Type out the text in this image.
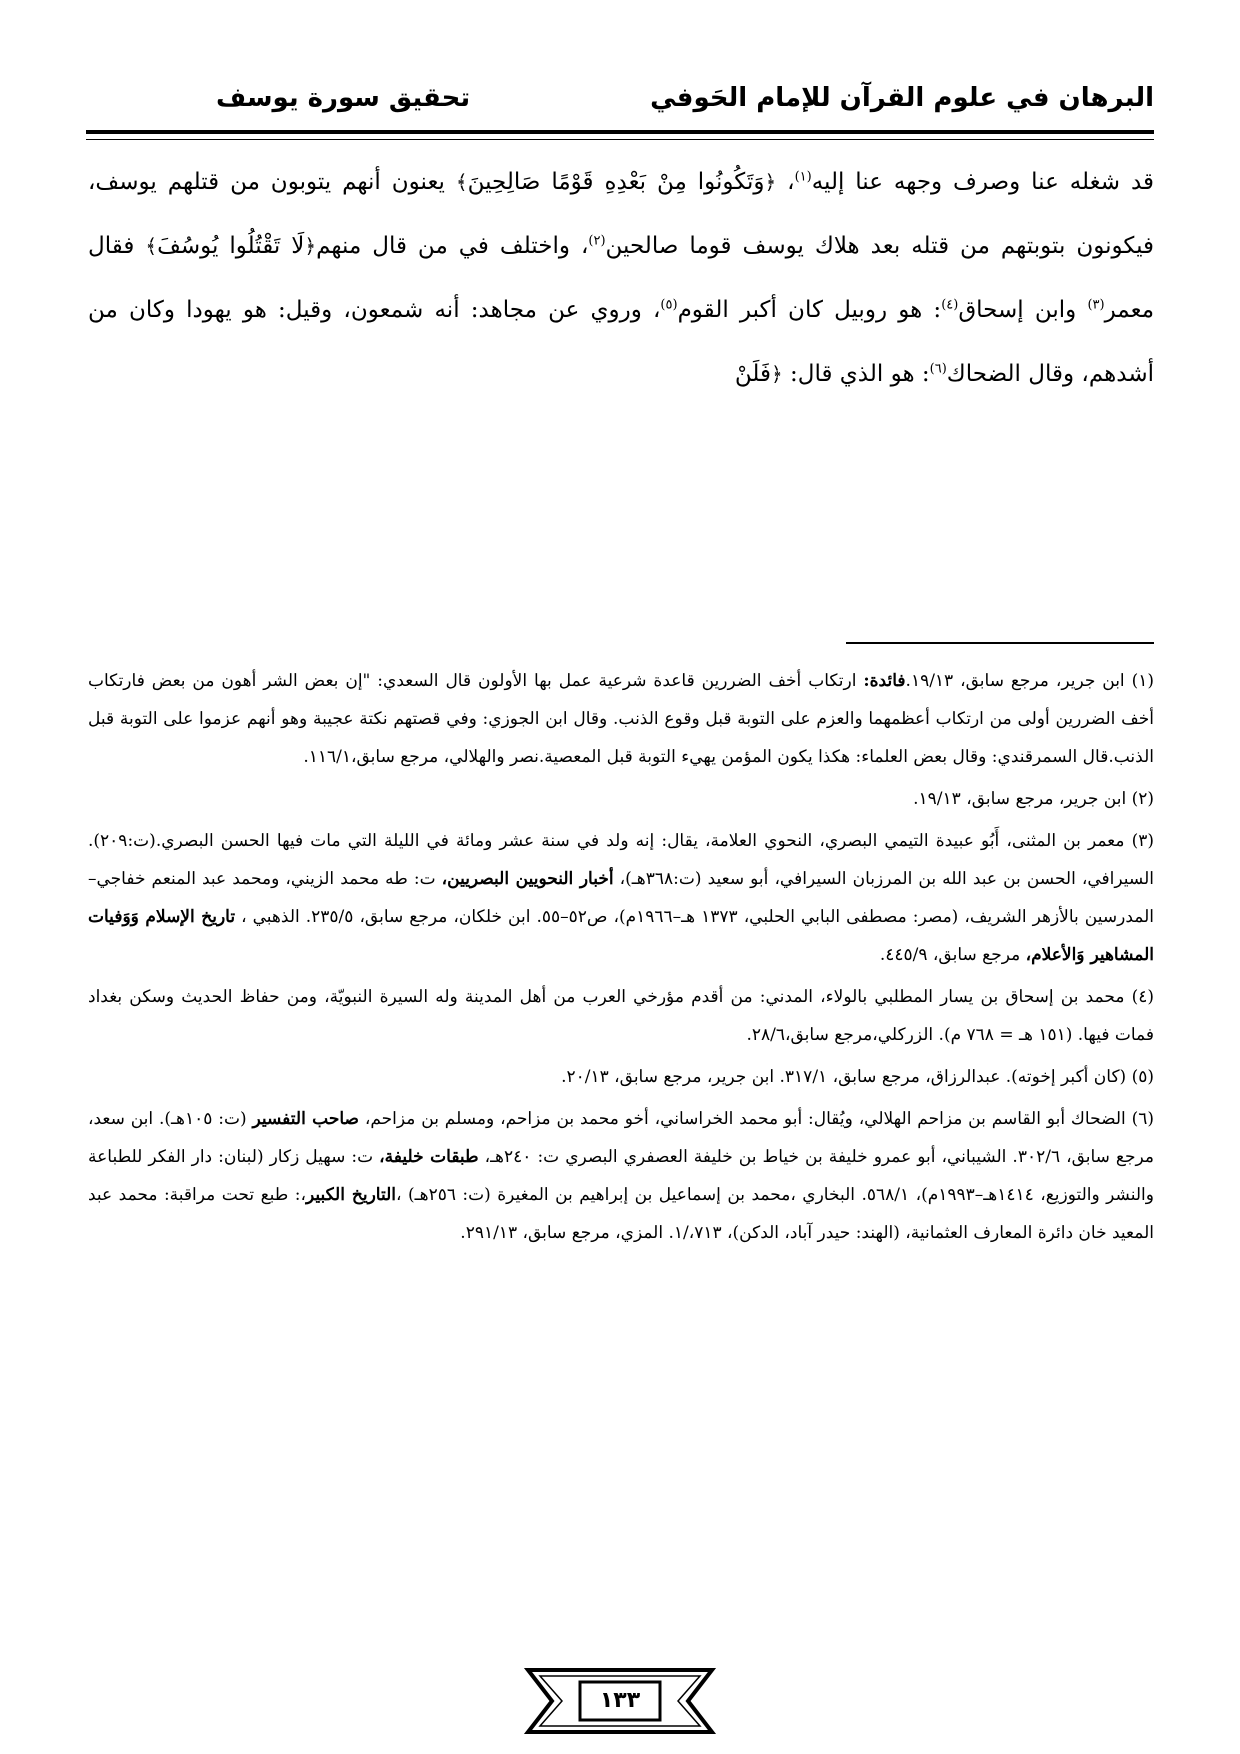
البرهان في علوم القرآن للإمام الحَوفي
تحقيق سورة يوسف

قد شغله عنا وصرف وجهه عنا إليه$^{(١)}$، ﴿وَتَكُونُوا مِنْ بَعْدِهِ قَوْمًا صَالِحِينَ﴾ يعنون أنهم يتوبون من قتلهم يوسف، فيكونون بتوبتهم من قتله بعد هلاك يوسف قوما صالحين$^{(٢)}$، واختلف في من قال منهم﴿لَا تَقْتُلُوا يُوسُفَ﴾ فقال معمر$^{(٣)}$ وابن إسحاق$^{(٤)}$: هو روبيل كان أكبر القوم$^{(٥)}$، وروي عن مجاهد: أنه شمعون، وقيل: هو يهودا وكان من أشدهم، وقال الضحاك$^{(٦)}$: هو الذي قال: ﴿فَلَنْ

(١) ابن جرير، مرجع سابق، ١٩/١٣.فائدة: ارتكاب أخف الضررين قاعدة شرعية عمل بها الأولون قال السعدي: "إن بعض الشر أهون من بعض فارتكاب أخف الضررين أولى من ارتكاب أعظمهما والعزم على التوبة قبل وقوع الذنب. وقال ابن الجوزي: وفي قصتهم نكتة عجيبة وهو أنهم عزموا على التوبة قبل الذنب.قال السمرقندي: وقال بعض العلماء: هكذا يكون المؤمن يهيء التوبة قبل المعصية.نصر والهلالي، مرجع سابق،١١٦/١.

(٢) ابن جرير، مرجع سابق، ١٩/١٣.

(٣) معمر بن المثنى، أَبُو عبيدة التيمي البصري، النحوي العلامة، يقال: إنه ولد في سنة عشر ومائة في الليلة التي مات فيها الحسن البصري.(ت:٢٠٩). السيرافي، الحسن بن عبد الله بن المرزبان السيرافي، أبو سعيد (ت:٣٦٨هـ)، أخبار النحويين البصريين، ت: طه محمد الزيني، ومحمد عبد المنعم خفاجي–المدرسين بالأزهر الشريف، (مصر: مصطفى البابي الحلبي، ١٣٧٣ هـ–١٩٦٦م)، ص٥٢–٥٥. ابن خلكان، مرجع سابق، ٢٣٥/٥. الذهبي ، تاريخ الإسلام وَوَفيات المشاهير وَالأعلام، مرجع سابق، ٤٤٥/٩.

(٤) محمد بن إسحاق بن يسار المطلبي بالولاء، المدني: من أقدم مؤرخي العرب من أهل المدينة وله السيرة النبويّة، ومن حفاظ الحديث وسكن بغداد فمات فيها. (١٥١ هـ = ٧٦٨ م). الزركلي،مرجع سابق،٢٨/٦.

(٥) (كان أكبر إخوته). عبدالرزاق، مرجع سابق، ٣١٧/١. ابن جرير، مرجع سابق، ٢٠/١٣.

(٦) الضحاك أبو القاسم بن مزاحم الهلالي، ويُقال: أبو محمد الخراساني، أخو محمد بن مزاحم، ومسلم بن مزاحم، صاحب التفسير (ت: ١٠٥هـ). ابن سعد، مرجع سابق، ٣٠٢/٦. الشيباني، أبو عمرو خليفة بن خياط بن خليفة العصفري البصري ت: ٢٤٠هـ، طبقات خليفة، ت: سهيل زكار (لبنان: دار الفكر للطباعة والنشر والتوزيع، ١٤١٤هـ–١٩٩٣م)، ٥٦٨/١. البخاري ،محمد بن إسماعيل بن إبراهيم بن المغيرة (ت: ٢٥٦هـ) ،التاريخ الكبير،: طبع تحت مراقبة: محمد عبد المعيد خان دائرة المعارف العثمانية، (الهند: حيدر آباد، الدكن)، ٧١٣،/١. المزي، مرجع سابق، ٢٩١/١٣.

١٣٣
